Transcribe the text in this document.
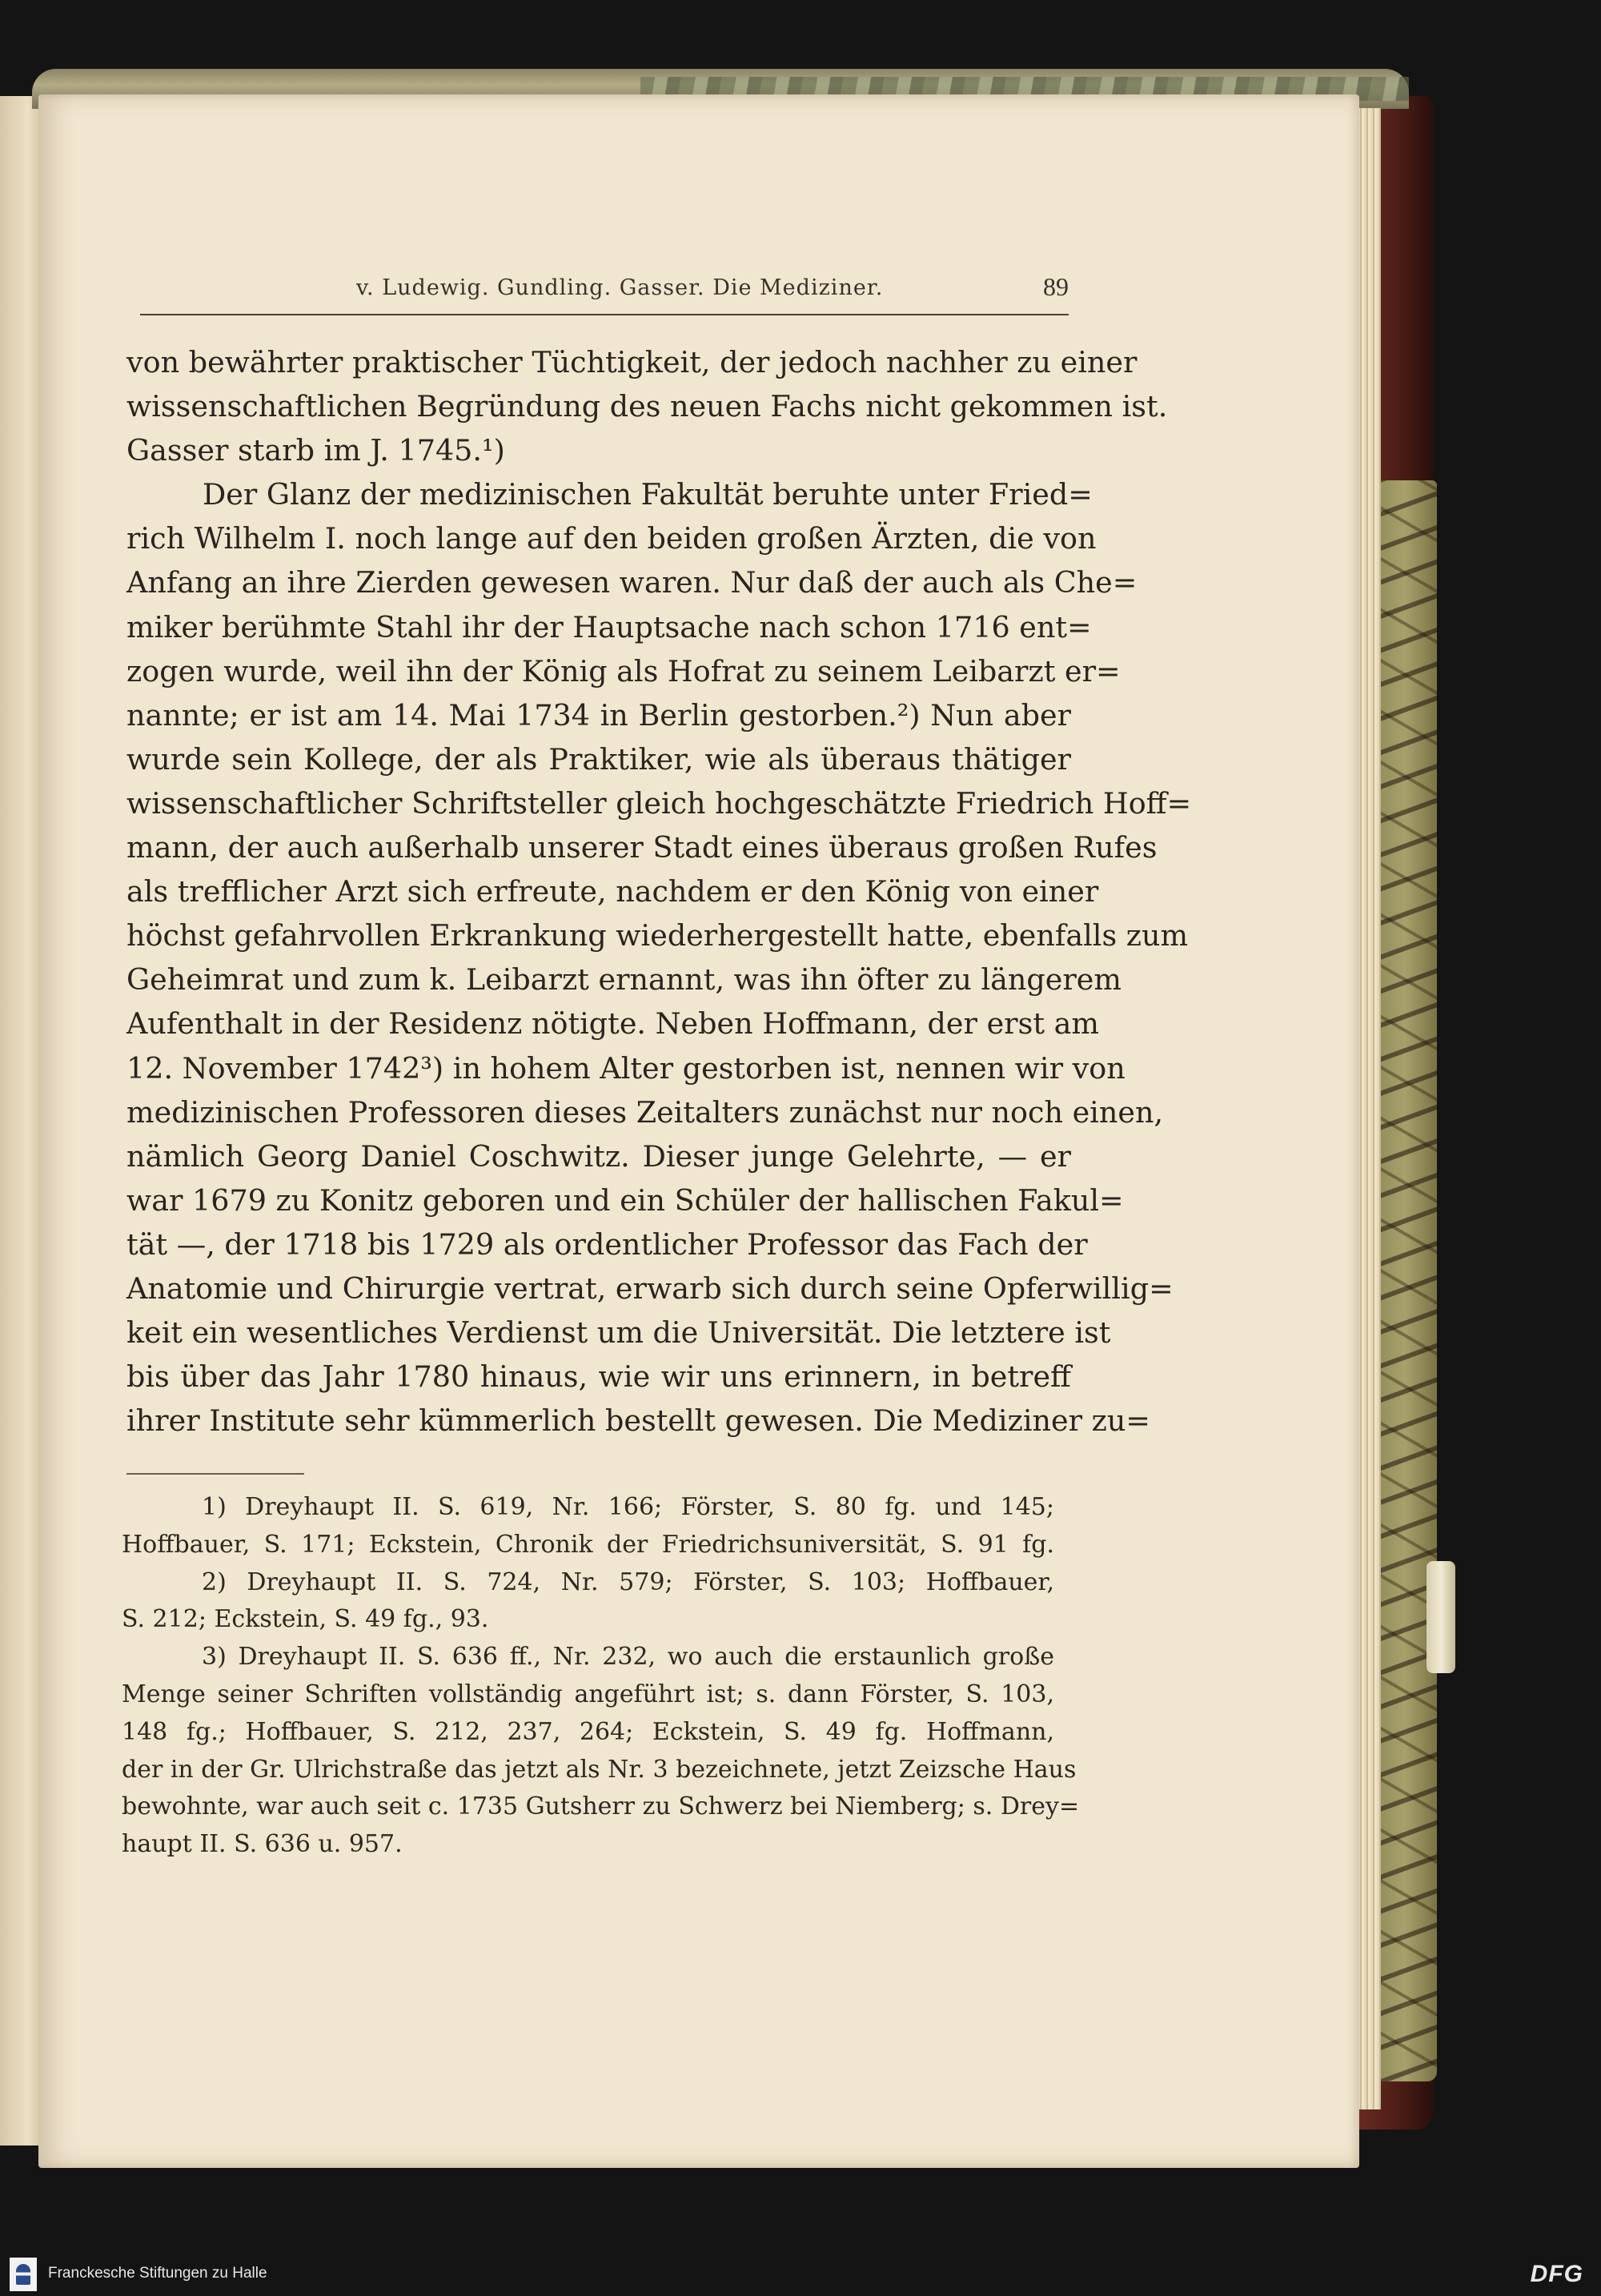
v. Ludewig. Gundling. Gasser. Die Mediziner.	89
von bewährter praktischer Tüchtigkeit, der jedoch nachher zu einer
wissenschaftlichen Begründung des neuen Fachs nicht gekommen ist.
Gasser starb im J. 1745.¹)
Der Glanz der medizinischen Fakultät beruhte unter Fried=
rich Wilhelm I. noch lange auf den beiden großen Ärzten, die von
Anfang an ihre Zierden gewesen waren. Nur daß der auch als Che=
miker berühmte Stahl ihr der Hauptsache nach schon 1716 ent=
zogen wurde, weil ihn der König als Hofrat zu seinem Leibarzt er=
nannte; er ist am 14. Mai 1734 in Berlin gestorben.²) Nun aber
wurde sein Kollege, der als Praktiker, wie als überaus thätiger
wissenschaftlicher Schriftsteller gleich hochgeschätzte Friedrich Hoff=
mann, der auch außerhalb unserer Stadt eines überaus großen Rufes
als trefflicher Arzt sich erfreute, nachdem er den König von einer
höchst gefahrvollen Erkrankung wiederhergestellt hatte, ebenfalls zum
Geheimrat und zum k. Leibarzt ernannt, was ihn öfter zu längerem
Aufenthalt in der Residenz nötigte. Neben Hoffmann, der erst am
12. November 1742³) in hohem Alter gestorben ist, nennen wir von
medizinischen Professoren dieses Zeitalters zunächst nur noch einen,
nämlich Georg Daniel Coschwitz. Dieser junge Gelehrte, — er
war 1679 zu Konitz geboren und ein Schüler der hallischen Fakul=
tät —, der 1718 bis 1729 als ordentlicher Professor das Fach der
Anatomie und Chirurgie vertrat, erwarb sich durch seine Opferwillig=
keit ein wesentliches Verdienst um die Universität. Die letztere ist
bis über das Jahr 1780 hinaus, wie wir uns erinnern, in betreff
ihrer Institute sehr kümmerlich bestellt gewesen. Die Mediziner zu=
1) Dreyhaupt II. S. 619, Nr. 166; Förster, S. 80 fg. und 145;
Hoffbauer, S. 171; Eckstein, Chronik der Friedrichsuniversität, S. 91 fg.
2) Dreyhaupt II. S. 724, Nr. 579; Förster, S. 103; Hoffbauer,
S. 212; Eckstein, S. 49 fg., 93.
3) Dreyhaupt II. S. 636 ff., Nr. 232, wo auch die erstaunlich große
Menge seiner Schriften vollständig angeführt ist; s. dann Förster, S. 103,
148 fg.; Hoffbauer, S. 212, 237, 264; Eckstein, S. 49 fg. Hoffmann,
der in der Gr. Ulrichstraße das jetzt als Nr. 3 bezeichnete, jetzt Zeizsche Haus
bewohnte, war auch seit c. 1735 Gutsherr zu Schwerz bei Niemberg; s. Drey=
haupt II. S. 636 u. 957.
Franckesche Stiftungen zu Halle	DFG
